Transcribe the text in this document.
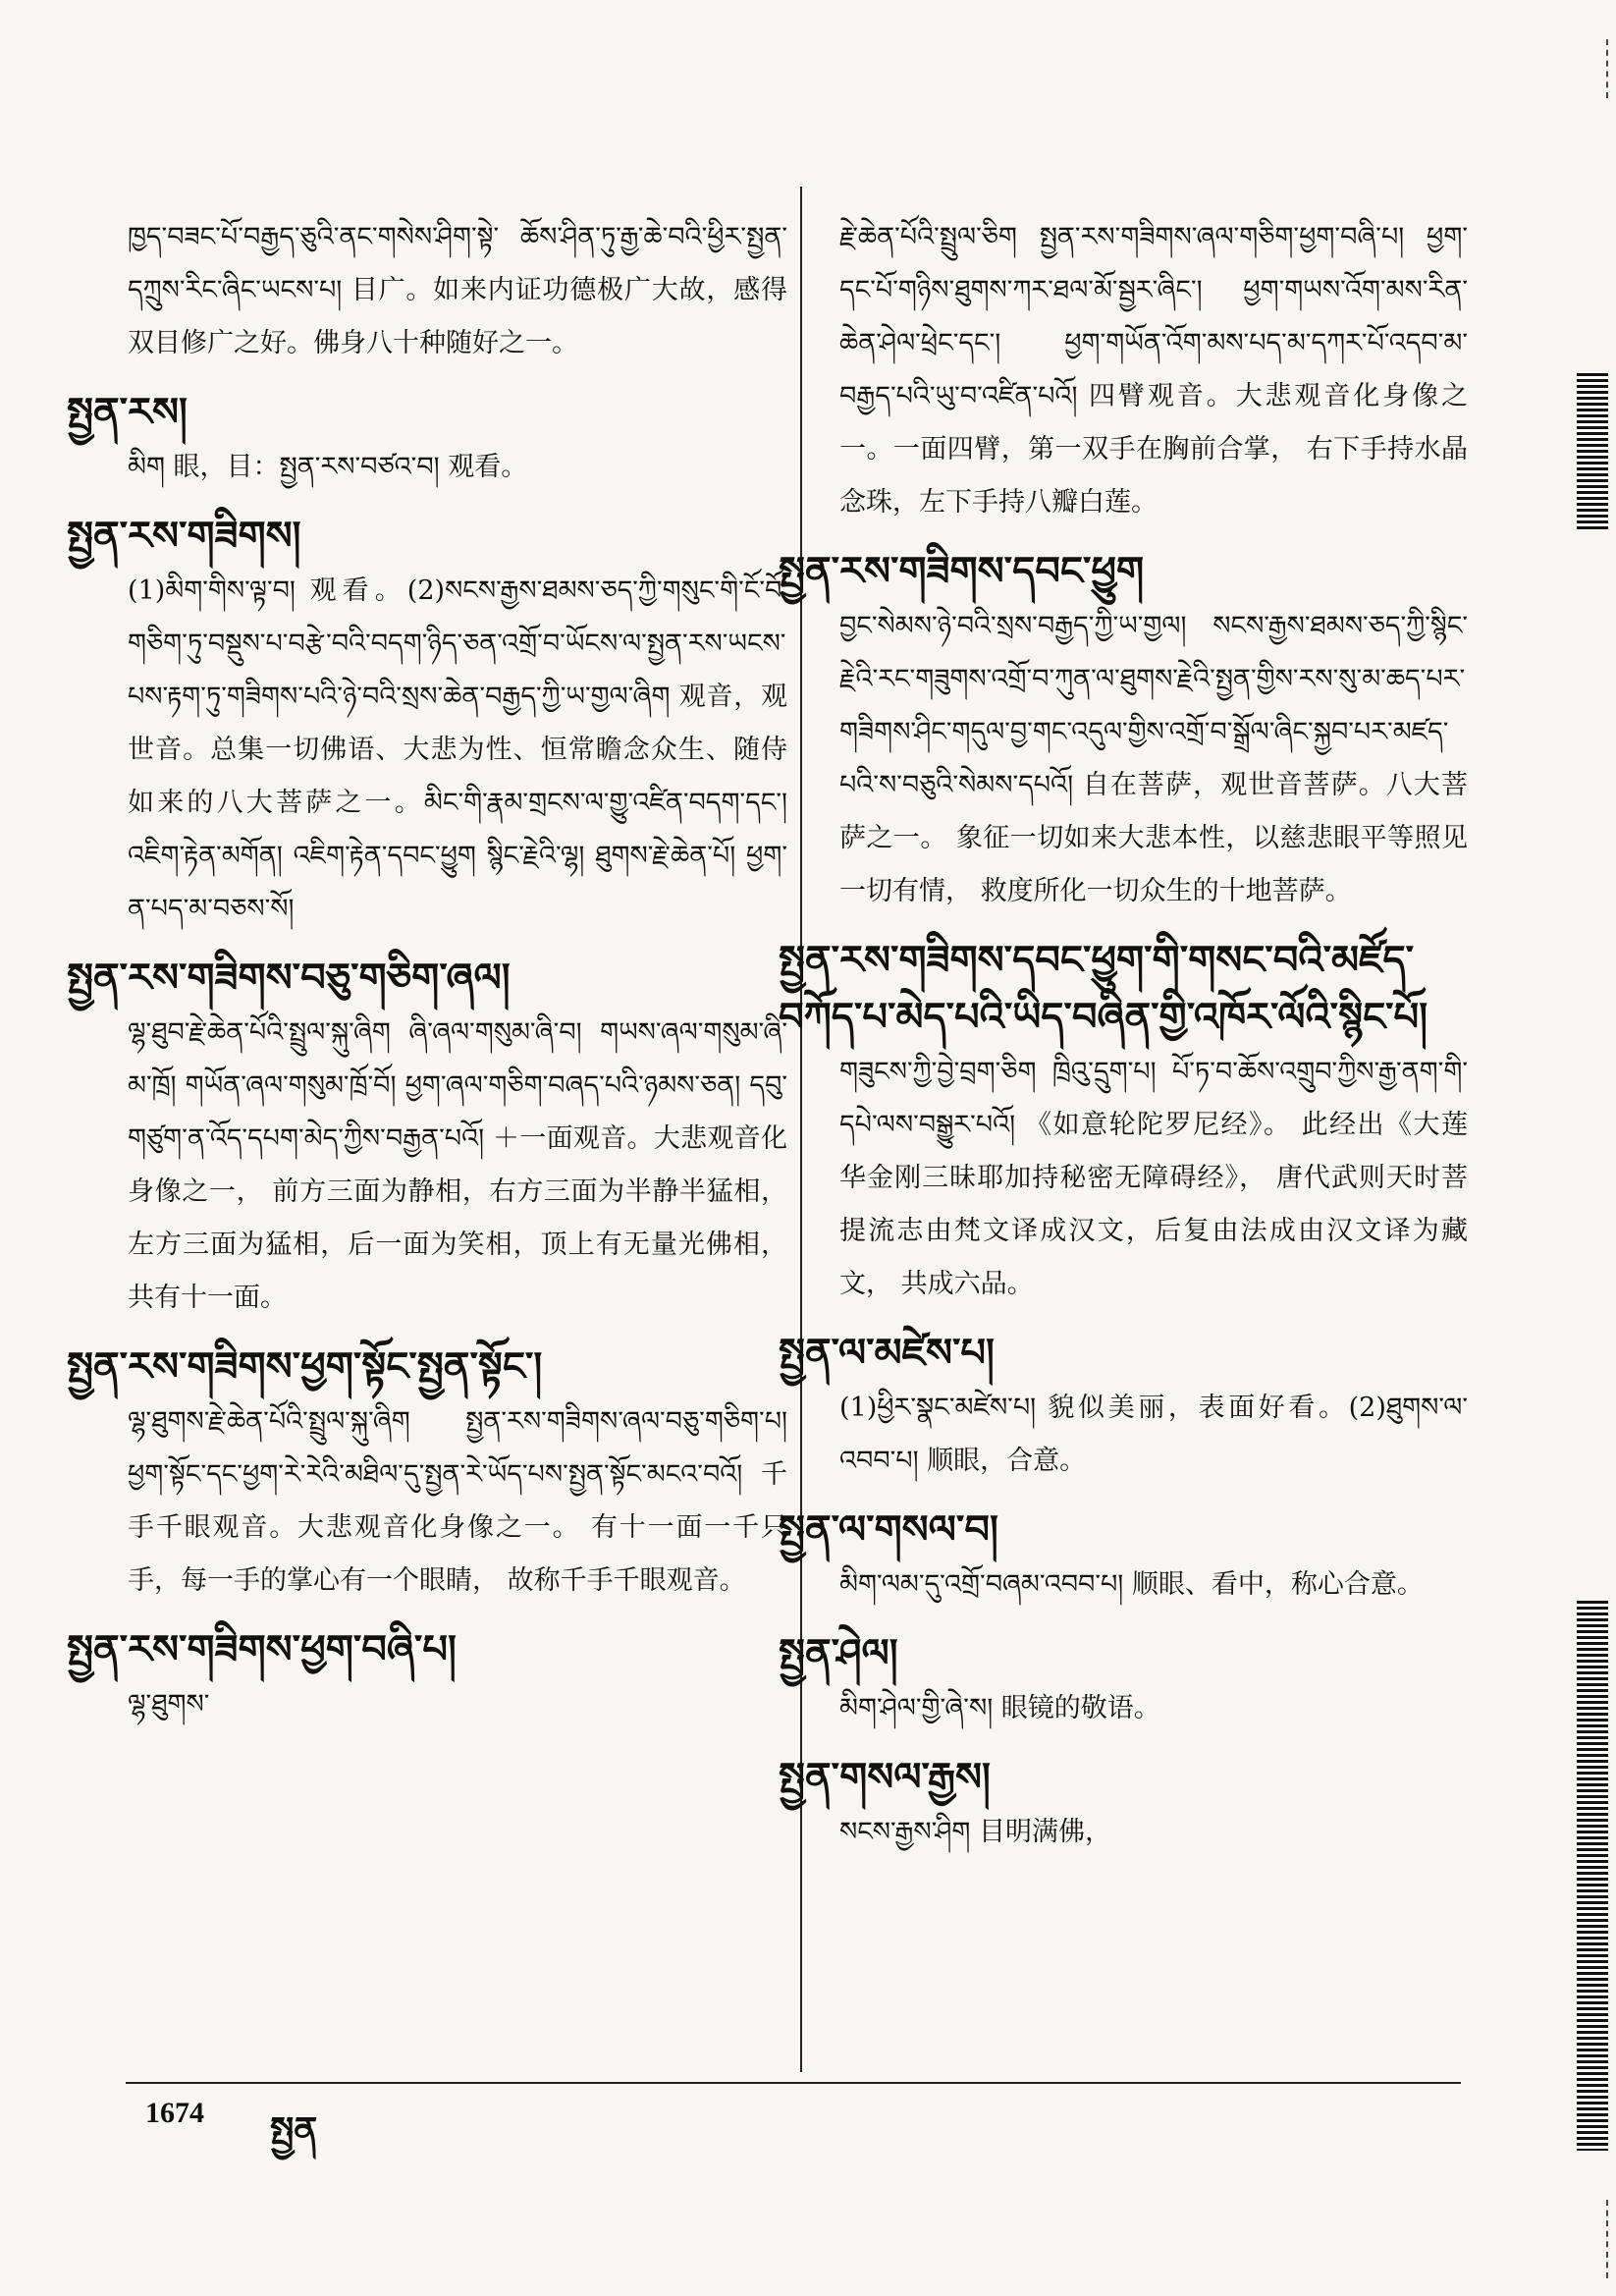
ཁྱད་བཟང་པོ་བརྒྱད་ཅུའི་ནང་གསེས་ཤིག་སྟེ་ ཆོས་ཤིན་ཏུ་རྒྱ་ཆེ་བའི་ཕྱིར་སྤྱན་དཀྲུས་རིང་ཞིང་ཡངས་པ། 目广。如来内证功德极广大故，感得双目修广之好。佛身八十种随好之一。

སྤྱན་རས།

མིག 眼，目：སྤྱན་རས་བཙའ་བ། 观看。

སྤྱན་རས་གཟིགས།

(1)མིག་གིས་ལྟ་བ། 观看。(2)སངས་རྒྱས་ཐམས་ཅད་ཀྱི་གསུང་གི་ངོ་བོ་གཅིག་ཏུ་བསྡུས་པ་བརྩེ་བའི་བདག་ཉིད་ཅན་འགྲོ་བ་ཡོངས་ལ་སྤྱན་རས་ཡངས་པས་རྟག་ཏུ་གཟིགས་པའི་ཉེ་བའི་སྲས་ཆེན་བརྒྱད་ཀྱི་ཡ་གྱལ་ཞིག 观音，观世音。总集一切佛语、大悲为性、恒常瞻念众生、随侍如来的八大菩萨之一。མིང་གི་རྣམ་གྲངས་ལ་གྱུ་འཛིན་བདག་དང་། འཇིག་རྟེན་མགོན། འཇིག་རྟེན་དབང་ཕྱུག སྙིང་རྗེའི་ལྷ། ཐུགས་རྗེ་ཆེན་པོ། ཕྱག་ན་པད་མ་བཅས་སོ།

སྤྱན་རས་གཟིགས་བཅུ་གཅིག་ཞལ།

ལྷ་ཐུབ་རྗེ་ཆེན་པོའི་སྤྲུལ་སྐུ་ཞིག ཞི་ཞལ་གསུམ་ཞི་བ། གཡས་ཞལ་གསུམ་ཞི་མ་ཁྲོ། གཡོན་ཞལ་གསུམ་ཁྲོ་བོ། ཕྱག་ཞལ་གཅིག་བཞད་པའི་ཉམས་ཅན། དབུ་གཙུག་ན་འོད་དཔག་མེད་ཀྱིས་བརྒྱན་པའོ། ＋一面观音。大悲观音化身像之一， 前方三面为静相，右方三面为半静半猛相， 左方三面为猛相，后一面为笑相，顶上有无量光佛相， 共有十一面。

སྤྱན་རས་གཟིགས་ཕྱག་སྟོང་སྤྱན་སྟོང་།

ལྷ་ཐུགས་རྗེ་ཆེན་པོའི་སྤྲུལ་སྐུ་ཞིག སྤྱན་རས་གཟིགས་ཞལ་བཅུ་གཅིག་པ། ཕྱག་སྟོང་དང་ཕྱག་རེ་རེའི་མཐིལ་དུ་སྤྱན་རེ་ཡོད་པས་སྤྱན་སྟོང་མངའ་བའོ། 千手千眼观音。大悲观音化身像之一。 有十一面一千只手，每一手的掌心有一个眼睛， 故称千手千眼观音。

སྤྱན་རས་གཟིགས་ཕྱག་བཞི་པ།

ལྷ་ཐུགས་

རྗེ་ཆེན་པོའི་སྤྲུལ་ཅིག སྤྱན་རས་གཟིགས་ཞལ་གཅིག་ཕྱག་བཞི་པ། ཕྱག་དང་པོ་གཉིས་ཐུགས་ཀར་ཐལ་མོ་སྦྱར་ཞིང་། ཕྱག་གཡས་འོག་མས་རིན་ཆེན་ཤེལ་ཕྲེང་དང་། ཕྱག་གཡོན་འོག་མས་པད་མ་དཀར་པོ་འདབ་མ་བརྒྱད་པའི་ཡུ་བ་འཛིན་པའོ། 四臂观音。大悲观音化身像之一。一面四臂，第一双手在胸前合掌， 右下手持水晶念珠，左下手持八瓣白莲。

སྤྱན་རས་གཟིགས་དབང་ཕྱུག

བྱང་སེམས་ཉེ་བའི་སྲས་བརྒྱད་ཀྱི་ཡ་གྱལ། སངས་རྒྱས་ཐམས་ཅད་ཀྱི་སྙིང་རྗེའི་རང་གཟུགས་འགྲོ་བ་ཀུན་ལ་ཐུགས་རྗེའི་སྤྱན་གྱིས་རས་སུ་མ་ཆད་པར་གཟིགས་ཤིང་གདུལ་བྱ་གང་འདུལ་གྱིས་འགྲོ་བ་སྒྲོལ་ཞིང་སྐྱབ་པར་མཛད་པའི་ས་བཅུའི་སེམས་དཔའོ། 自在菩萨，观世音菩萨。八大菩萨之一。 象征一切如来大悲本性，以慈悲眼平等照见一切有情， 救度所化一切众生的十地菩萨。

སྤྱན་རས་གཟིགས་དབང་ཕྱུག་གི་གསང་བའི་མཛོད་བཀོད་པ་མེད་པའི་ཡིད་བཞིན་གྱི་འཁོར་ལོའི་སྙིང་པོ།

གཟུངས་ཀྱི་བྱེ་བྲག་ཅིག ཁྲིའུ་དྲུག་པ། པོ་ཏ་བ་ཆོས་འགྲུབ་ཀྱིས་རྒྱ་ནག་གི་དཔེ་ལས་བསྒྱུར་པའོ། 《如意轮陀罗尼经》。 此经出《大莲华金刚三昧耶加持秘密无障碍经》， 唐代武则天时菩提流志由梵文译成汉文，后复由法成由汉文译为藏文， 共成六品。

སྤྱན་ལ་མཛེས་པ།

(1)ཕྱིར་སྣང་མཛེས་པ། 貌似美丽，表面好看。(2)ཐུགས་ལ་འབབ་པ། 顺眼，合意。

སྤྱན་ལ་གསལ་བ།

མིག་ལམ་དུ་འགྲོ་བཞམ་འབབ་པ། 顺眼、看中，称心合意。

སྤྱན་ཤེལ།

མིག་ཤེལ་གྱི་ཞེ་ས། 眼镜的敬语。

སྤྱན་གསལ་རྒྱས།

སངས་རྒྱས་ཤིག 目明满佛，

1674 སྤྱན
